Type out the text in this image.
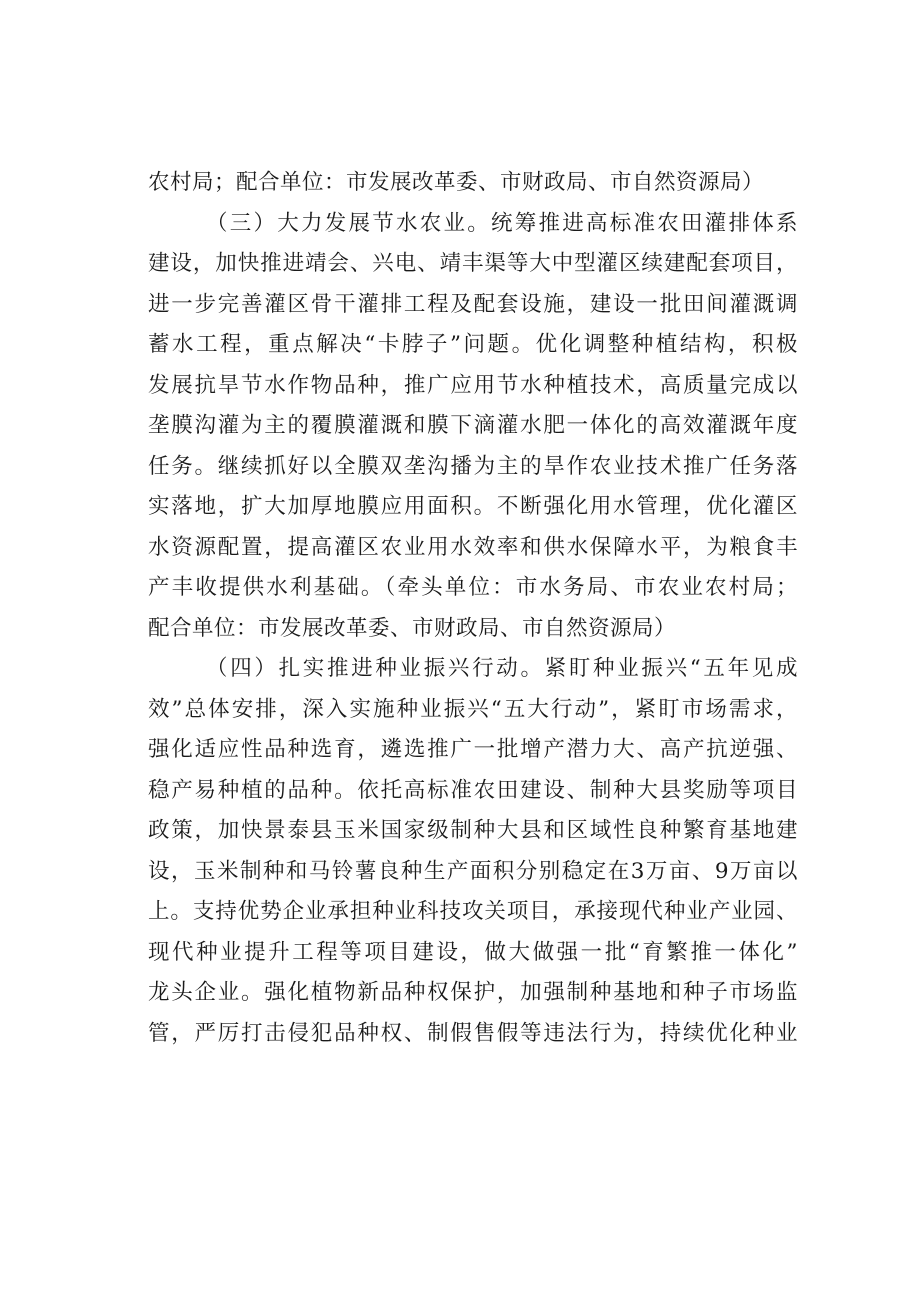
农村局；配合单位：市发展改革委、市财政局、市自然资源局）
（三）大力发展节水农业。统筹推进高标准农田灌排体系
建设，加快推进靖会、兴电、靖丰渠等大中型灌区续建配套项目，
进一步完善灌区骨干灌排工程及配套设施，建设一批田间灌溉调
蓄水工程，重点解决“卡脖子”问题。优化调整种植结构，积极
发展抗旱节水作物品种，推广应用节水种植技术，高质量完成以
垄膜沟灌为主的覆膜灌溉和膜下滴灌水肥一体化的高效灌溉年度
任务。继续抓好以全膜双垄沟播为主的旱作农业技术推广任务落
实落地，扩大加厚地膜应用面积。不断强化用水管理，优化灌区
水资源配置，提高灌区农业用水效率和供水保障水平，为粮食丰
产丰收提供水利基础。（牵头单位：市水务局、市农业农村局；
配合单位：市发展改革委、市财政局、市自然资源局）
（四）扎实推进种业振兴行动。紧盯种业振兴“五年见成
效”总体安排，深入实施种业振兴“五大行动”，紧盯市场需求，
强化适应性品种选育，遴选推广一批增产潜力大、高产抗逆强、
稳产易种植的品种。依托高标准农田建设、制种大县奖励等项目
政策，加快景泰县玉米国家级制种大县和区域性良种繁育基地建
设，玉米制种和马铃薯良种生产面积分别稳定在3万亩、9万亩以
上。支持优势企业承担种业科技攻关项目，承接现代种业产业园、
现代种业提升工程等项目建设，做大做强一批“育繁推一体化”
龙头企业。强化植物新品种权保护，加强制种基地和种子市场监
管，严厉打击侵犯品种权、制假售假等违法行为，持续优化种业
